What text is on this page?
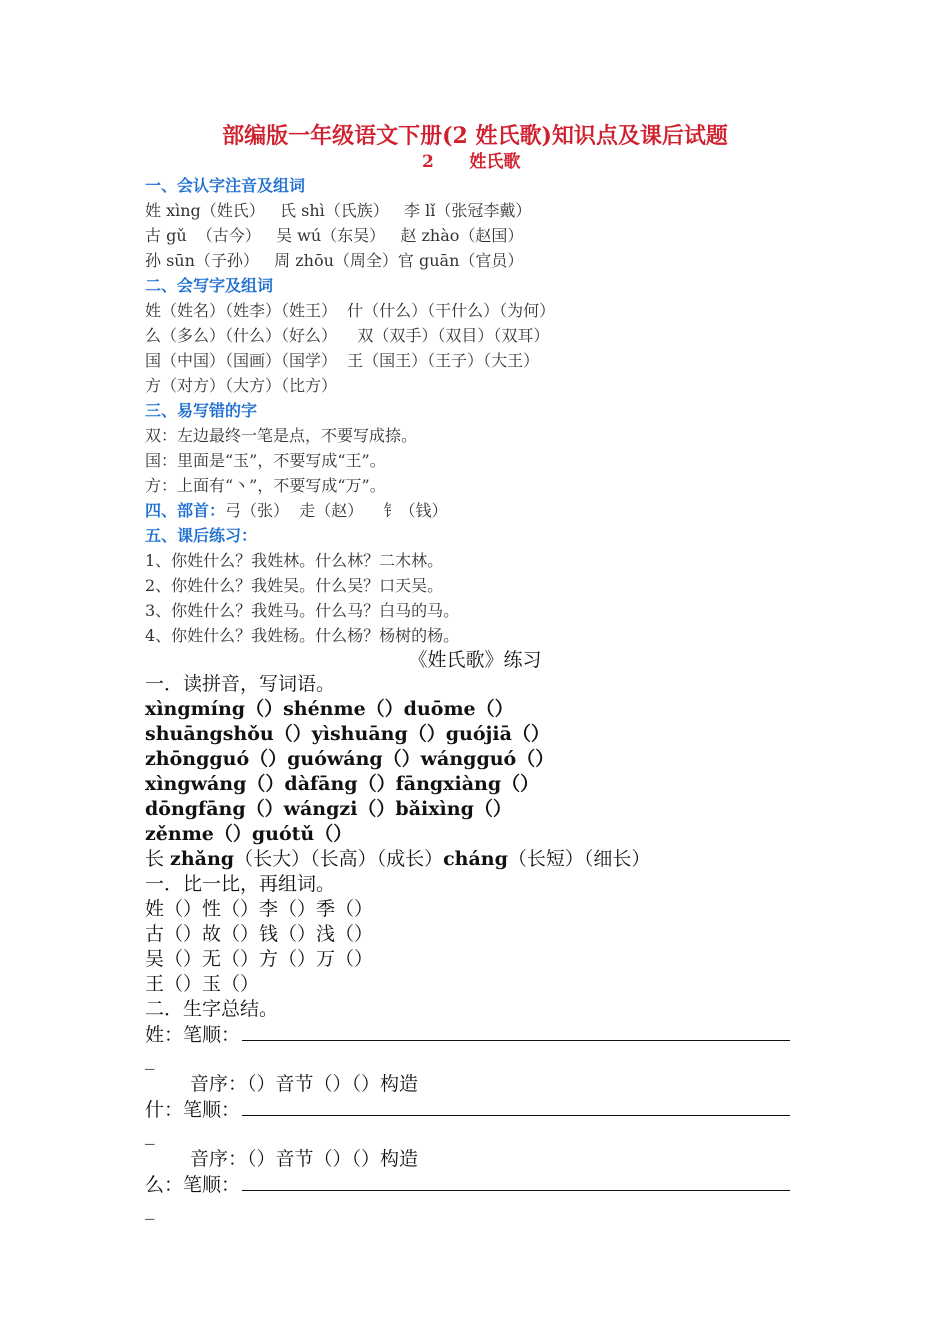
部编版一年级语文下册(2 姓氏歌)知识点及课后试题
2      姓氏歌
一、会认字注音及组词
姓 xìng（姓氏）   氏 shì（氏族）   李 lǐ（张冠李戴）
古 gǔ  （古今）   吴 wú（东吴）   赵 zhào（赵国）
孙 sūn（子孙）   周 zhōu（周全）官 guān（官员）
二、会写字及组词
姓（姓名）（姓李）（姓王）  什（什么）（干什么）（为何）
么（多么）（什么）（好么）    双（双手）（双目）（双耳）
国（中国）（国画）（国学）  王（国王）（王子）（大王）
方（对方）（大方）（比方）
三、易写错的字
双：左边最终一笔是点，不要写成捺。
国：里面是“玉”，不要写成“王”。
方：上面有“丶”，不要写成“万”。
四、部首：弓（张）  走（赵）    钅（钱）
五、课后练习：
1、你姓什么？我姓林。什么林？二木林。
2、你姓什么？我姓吴。什么吴？口天吴。
3、你姓什么？我姓马。什么马？白马的马。
4、你姓什么？我姓杨。什么杨？杨树的杨。
《姓氏歌》练习
一．读拼音，写词语。
xìngmíng（）shénme（）duōme（）
shuāngshǒu（）yìshuāng（）guójiā（）
zhōngguó（）guówáng（）wángguó（）
xìngwáng（）dàfāng（）fāngxiàng（）
dōngfāng（）wángzi（）bǎixìng（）
zěnme（）guótǔ（）
长 zhǎng（长大）（长高）（成长）cháng（长短）（细长）
一．比一比，再组词。
姓（）性（）李（）季（）
古（）故（）钱（）浅（）
吴（）无（）方（）万（）
王（）玉（）
二．生字总结。
姓：笔顺：
_
音序：（）音节（）（）构造
什：笔顺：
_
音序：（）音节（）（）构造
么：笔顺：
_
